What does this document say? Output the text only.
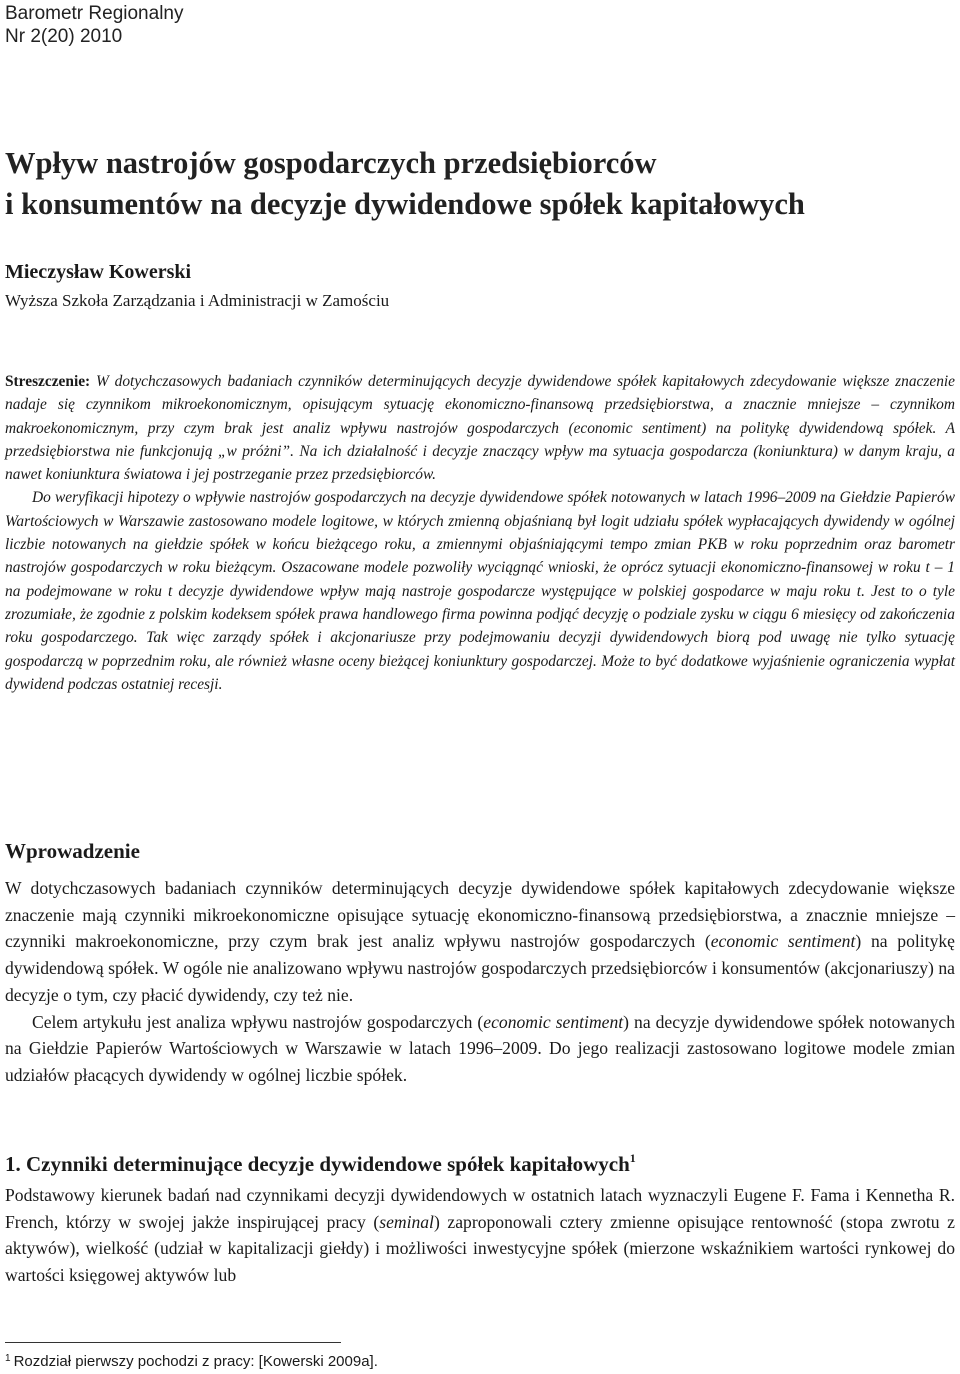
Barometr Regionalny
Nr 2(20) 2010
Wpływ nastrojów gospodarczych przedsiębiorców
i konsumentów na decyzje dywidendowe spółek kapitałowych
Mieczysław Kowerski
Wyższa Szkoła Zarządzania i Administracji w Zamościu

Streszczenie: W dotychczasowych badaniach czynników determinujących decyzje dywidendowe spółek kapitałowych zdecydowanie większe znaczenie nadaje się czynnikom mikroekonomicznym, opisującym sytuację ekonomiczno-finansową przedsiębiorstwa, a znacznie mniejsze – czynnikom makroekonomicznym, przy czym brak jest analiz wpływu nastrojów gospodarczych (economic sentiment) na politykę dywidendową spółek. A przedsiębiorstwa nie funkcjonują „w próżni”. Na ich działalność i decyzje znaczący wpływ ma sytuacja gospodarcza (koniunktura) w danym kraju, a nawet koniunktura światowa i jej postrzeganie przez przedsiębiorców.

Do weryfikacji hipotezy o wpływie nastrojów gospodarczych na decyzje dywidendowe spółek notowanych w latach 1996–2009 na Giełdzie Papierów Wartościowych w Warszawie zastosowano modele logitowe, w których zmienną objaśnianą był logit udziału spółek wypłacających dywidendy w ogólnej liczbie notowanych na giełdzie spółek w końcu bieżącego roku, a zmiennymi objaśniającymi tempo zmian PKB w roku poprzednim oraz barometr nastrojów gospodarczych w roku bieżącym. Oszacowane modele pozwoliły wyciągnąć wnioski, że oprócz sytuacji ekonomiczno-finansowej w roku t – 1 na podejmowane w roku t decyzje dywidendowe wpływ mają nastroje gospodarcze występujące w polskiej gospodarce w maju roku t. Jest to o tyle zrozumiałe, że zgodnie z polskim kodeksem spółek prawa handlowego firma powinna podjąć decyzję o podziale zysku w ciągu 6 miesięcy od zakończenia roku gospodarczego. Tak więc zarządy spółek i akcjonariusze przy podejmowaniu decyzji dywidendowych biorą pod uwagę nie tylko sytuację gospodarczą w poprzednim roku, ale również własne oceny bieżącej koniunktury gospodarczej. Może to być dodatkowe wyjaśnienie ograniczenia wypłat dywidend podczas ostatniej recesji.

Wprowadzenie

W dotychczasowych badaniach czynników determinujących decyzje dywidendowe spółek kapitałowych zdecydowanie większe znaczenie mają czynniki mikroekonomiczne opisujące sytuację ekonomiczno-finansową przedsiębiorstwa, a znacznie mniejsze – czynniki makroekonomiczne, przy czym brak jest analiz wpływu nastrojów gospodarczych (economic sentiment) na politykę dywidendową spółek. W ogóle nie analizowano wpływu nastrojów gospodarczych przedsiębiorców i konsumentów (akcjonariuszy) na decyzje o tym, czy płacić dywidendy, czy też nie.

Celem artykułu jest analiza wpływu nastrojów gospodarczych (economic sentiment) na decyzje dywidendowe spółek notowanych na Giełdzie Papierów Wartościowych w Warszawie w latach 1996–2009. Do jego realizacji zastosowano logitowe modele zmian udziałów płacących dywidendy w ogólnej liczbie spółek.

1. Czynniki determinujące decyzje dywidendowe spółek kapitałowych$^1$

Podstawowy kierunek badań nad czynnikami decyzji dywidendowych w ostatnich latach wyznaczyli Eugene F. Fama i Kennetha R. French, którzy w swojej jakże inspirującej pracy (seminal) zaproponowali cztery zmienne opisujące rentowność (stopa zwrotu z aktywów), wielkość (udział w kapitalizacji giełdy) i możliwości inwestycyjne spółek (mierzone wskaźnikiem wartości rynkowej do wartości księgowej aktywów lub

$^1$ Rozdział pierwszy pochodzi z pracy: [Kowerski 2009a].
